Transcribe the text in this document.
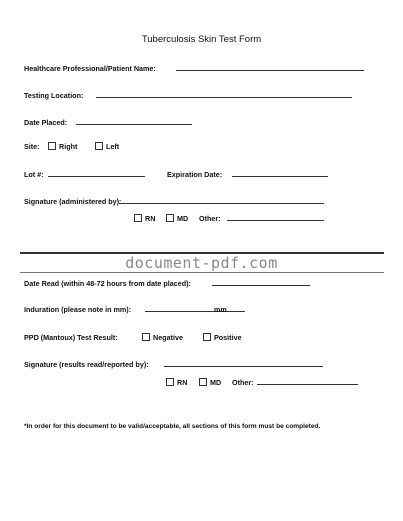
Tuberculosis Skin Test Form
Healthcare Professional/Patient Name:
Testing Location:
Date Placed:
Site:	Right	Left
Lot #:	Expiration Date:
Signature (administered by):
RN	MD Other:
document-pdf.com
Date Read (within 48-72 hours from date placed):
Induration (please note in mm):	mm
PPD (Mantoux) Test Result:	Negative	Positive
Signature (results read/reported by):
RN	MD Other:
*In order for this document to be valid/acceptable, all sections of this form must be completed.
